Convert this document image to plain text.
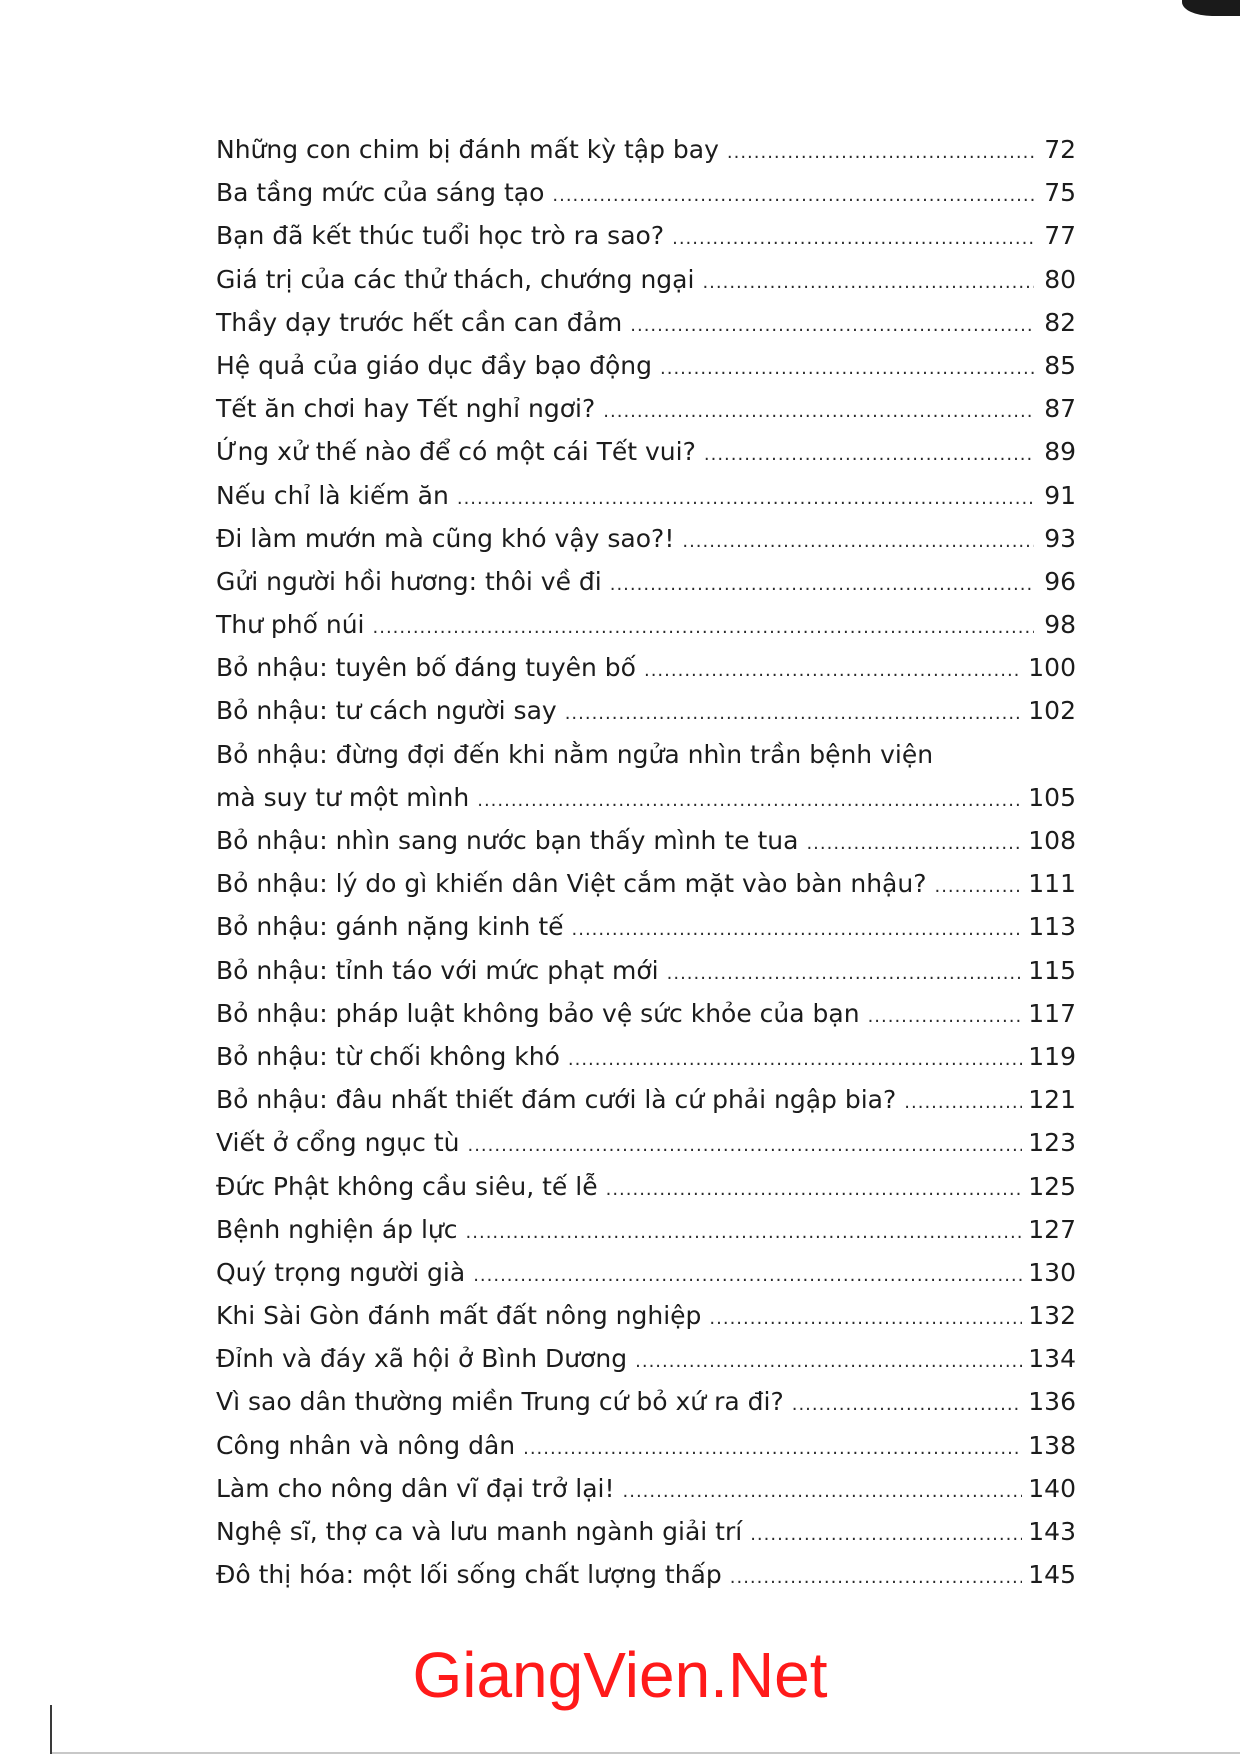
Những con chim bị đánh mất kỳ tập bay .....	72
Ba tầng mức của sáng tạo .....	75
Bạn đã kết thúc tuổi học trò ra sao? .....	77
Giá trị của các thử thách, chướng ngại .....	80
Thầy dạy trước hết cần can đảm .....	82
Hệ quả của giáo dục đầy bạo động .....	85
Tết ăn chơi hay Tết nghỉ ngơi? .....	87
Ứng xử thế nào để có một cái Tết vui? .....	89
Nếu chỉ là kiếm ăn .....	91
Đi làm mướn mà cũng khó vậy sao?! .....	93
Gửi người hồi hương: thôi về đi .....	96
Thư phố núi .....	98
Bỏ nhậu: tuyên bố đáng tuyên bố .....	100
Bỏ nhậu: tư cách người say .....	102
Bỏ nhậu: đừng đợi đến khi nằm ngửa nhìn trần bệnh viện
mà suy tư một mình .....	105
Bỏ nhậu: nhìn sang nước bạn thấy mình te tua .....	108
Bỏ nhậu: lý do gì khiến dân Việt cắm mặt vào bàn nhậu? .....	111
Bỏ nhậu: gánh nặng kinh tế .....	113
Bỏ nhậu: tỉnh táo với mức phạt mới .....	115
Bỏ nhậu: pháp luật không bảo vệ sức khỏe của bạn .....	117
Bỏ nhậu: từ chối không khó .....	119
Bỏ nhậu: đâu nhất thiết đám cưới là cứ phải ngập bia? .....	121
Viết ở cổng ngục tù .....	123
Đức Phật không cầu siêu, tế lễ .....	125
Bệnh nghiện áp lực .....	127
Quý trọng người già .....	130
Khi Sài Gòn đánh mất đất nông nghiệp .....	132
Đỉnh và đáy xã hội ở Bình Dương .....	134
Vì sao dân thường miền Trung cứ bỏ xứ ra đi? .....	136
Công nhân và nông dân .....	138
Làm cho nông dân vĩ đại trở lại! .....	140
Nghệ sĩ, thợ ca và lưu manh ngành giải trí .....	143
Đô thị hóa: một lối sống chất lượng thấp .....	145
GiangVien.Net
